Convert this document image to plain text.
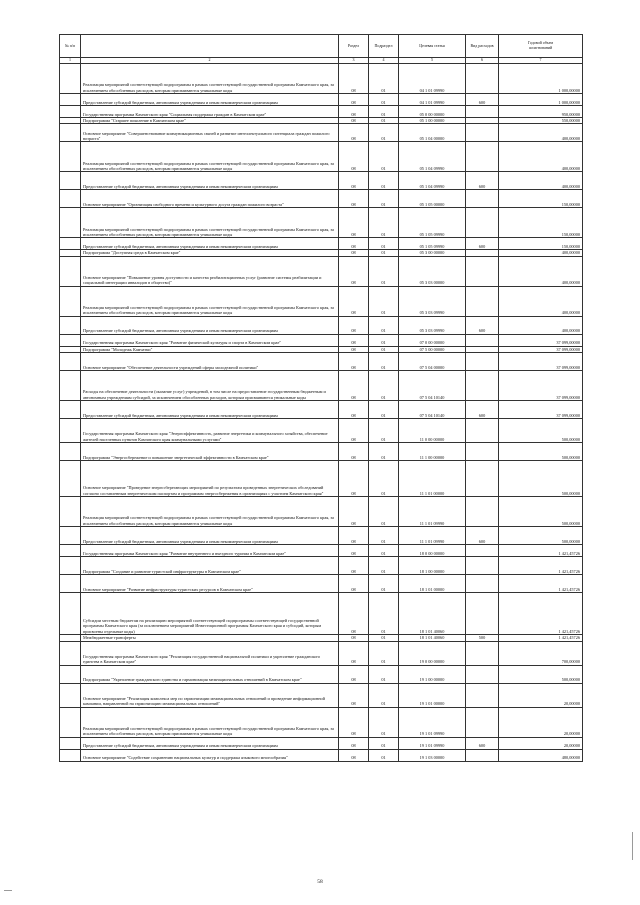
№ п/п		Раздел	Подраздел	Целевая статья	Вид расходов	Годовой объем
ассигнований
1	2	3	4	5	6	7
	Реализация мероприятий соответствующей подпрограммы в рамках соответствующей государственной программы Камчатского края, за исключением обособленных расходов, которым присваиваются уникальные коды	08	01	04 1 01 09990		1 000,00000
	Предоставление субсидий бюджетным, автономным учреждениям и иным некоммерческим организациям	08	01	04 1 01 09990	600	1 000,00000
	Государственная программа Камчатского края "Социальная поддержка граждан в Камчатском крае"	08	01	05 0 00 00000		950,00000
	Подпрограмма "Старшее поколение в Камчатском крае"	08	01	05 1 00 00000		550,00000
	Основное мероприятие "Совершенствование коммуникационных связей и развитие интеллектуального потенциала граждан пожилого возраста"	08	01	05 1 04 00000		400,00000
	Реализация мероприятий соответствующей подпрограммы в рамках соответствующей государственной программы Камчатского края, за исключением обособленных расходов, которым присваиваются уникальные коды	08	01	05 1 04 09990		400,00000
	Предоставление субсидий бюджетным, автономным учреждениям и иным некоммерческим организациям	08	01	05 1 04 09990	600	400,00000
	Основное мероприятие "Организация свободного времени и культурного досуга граждан пожилого возраста"	08	01	05 1 05 00000		150,00000
	Реализация мероприятий соответствующей подпрограммы в рамках соответствующей государственной программы Камчатского края, за исключением обособленных расходов, которым присваиваются уникальные коды	08	01	05 1 05 09990		150,00000
	Предоставление субсидий бюджетным, автономным учреждениям и иным некоммерческим организациям	08	01	05 1 05 09990	600	150,00000
	Подпрограмма "Доступная среда в Камчатском крае"	08	01	05 3 00 00000		400,00000
	Основное мероприятие "Повышение уровня доступности и качества реабилитационных услуг (развитие системы реабилитации и социальной интеграции инвалидов в общество)"	08	01	05 3 03 00000		400,00000
	Реализация мероприятий соответствующей подпрограммы в рамках соответствующей государственной программы Камчатского края, за исключением обособленных расходов, которым присваиваются уникальные коды	08	01	05 3 03 09990		400,00000
	Предоставление субсидий бюджетным, автономным учреждениям и иным некоммерческим организациям	08	01	05 3 03 09990	600	400,00000
	Государственная программа Камчатского края "Развитие физической культуры и спорта в Камчатском крае"	08	01	07 0 00 00000		37 099,00000
	Подпрограмма "Молодежь Камчатки"	08	01	07 5 00 00000		37 099,00000
	Основное мероприятие "Обеспечение деятельности учреждений сферы молодежной политики"	08	01	07 5 04 00000		37 099,00000
	Расходы на обеспечение деятельности (оказание услуг) учреждений, в том числе на предоставление государственным бюджетным и автономным учреждениям субсидий, за исключением обособленных расходов, которым присваиваются уникальные коды	08	01	07 5 04 10140		37 099,00000
	Предоставление субсидий бюджетным, автономным учреждениям и иным некоммерческим организациям	08	01	07 5 04 10140	600	37 099,00000
	Государственная программа Камчатского края "Энергоэффективность, развитие энергетики и коммунального хозяйства, обеспечение жителей населенных пунктов Камчатского края коммунальными услугами"	08	01	11 0 00 00000		500,00000
	Подпрограмма "Энергосбережение и повышение энергетической эффективности в Камчатском крае"	08	01	11 1 00 00000		500,00000
	Основное мероприятие "Проведение энергосберегающих мероприятий по результатам проведенных энергетических обследований согласно составленным энергетическим паспортам и программам энергосбережения в организациях с участием Камчатского края"	08	01	11 1 01 00000		500,00000
	Реализация мероприятий соответствующей подпрограммы в рамках соответствующей государственной программы Камчатского края, за исключением обособленных расходов, которым присваиваются уникальные коды	08	01	11 1 01 09990		500,00000
	Предоставление субсидий бюджетным, автономным учреждениям и иным некоммерческим организациям	08	01	11 1 01 09990	600	500,00000
	Государственная программа Камчатского края "Развитие внутреннего и въездного туризма в Камчатском крае"	08	01	18 0 00 00000		1 421,45726
	Подпрограмма "Создание и развитие туристской инфраструктуры в Камчатском крае"	08	01	18 1 00 00000		1 421,45726
	Основное мероприятие "Развитие инфраструктуры туристских ресурсов в Камчатском крае"	08	01	18 1 01 00000		1 421,45726
	Субсидии местным бюджетам на реализацию мероприятий соответствующей подпрограммы соответствующей государственной программы Камчатского края (за исключением мероприятий Инвестиционной программы Камчатского края и субсидий, которым присвоены отдельные коды)	08	01	18 1 01 40060		1 421,45726
	Межбюджетные трансферты	08	01	18 1 01 40060	500	1 421,45726
	Государственная программа Камчатского края "Реализация государственной национальной политики и укрепление гражданского единства в Камчатском крае"	08	01	19 0 00 00000		700,00000
	Подпрограмма "Укрепление гражданского единства и гармонизация межнациональных отношений в Камчатском крае"	08	01	19 1 00 00000		500,00000
	Основное мероприятие "Реализация комплекса мер по гармонизации межнациональных отношений и проведение информационной кампании, направленной на гармонизацию межнациональных отношений"	08	01	19 1 01 00000		20,00000
	Реализация мероприятий соответствующей подпрограммы в рамках соответствующей государственной программы Камчатского края, за исключением обособленных расходов, которым присваиваются уникальные коды	08	01	19 1 01 09990		20,00000
	Предоставление субсидий бюджетным, автономным учреждениям и иным некоммерческим организациям	08	01	19 1 01 09990	600	20,00000
	Основное мероприятие "Содействие сохранению национальных культур и поддержка языкового многообразия"	08	01	19 1 03 00000		480,00000
58
